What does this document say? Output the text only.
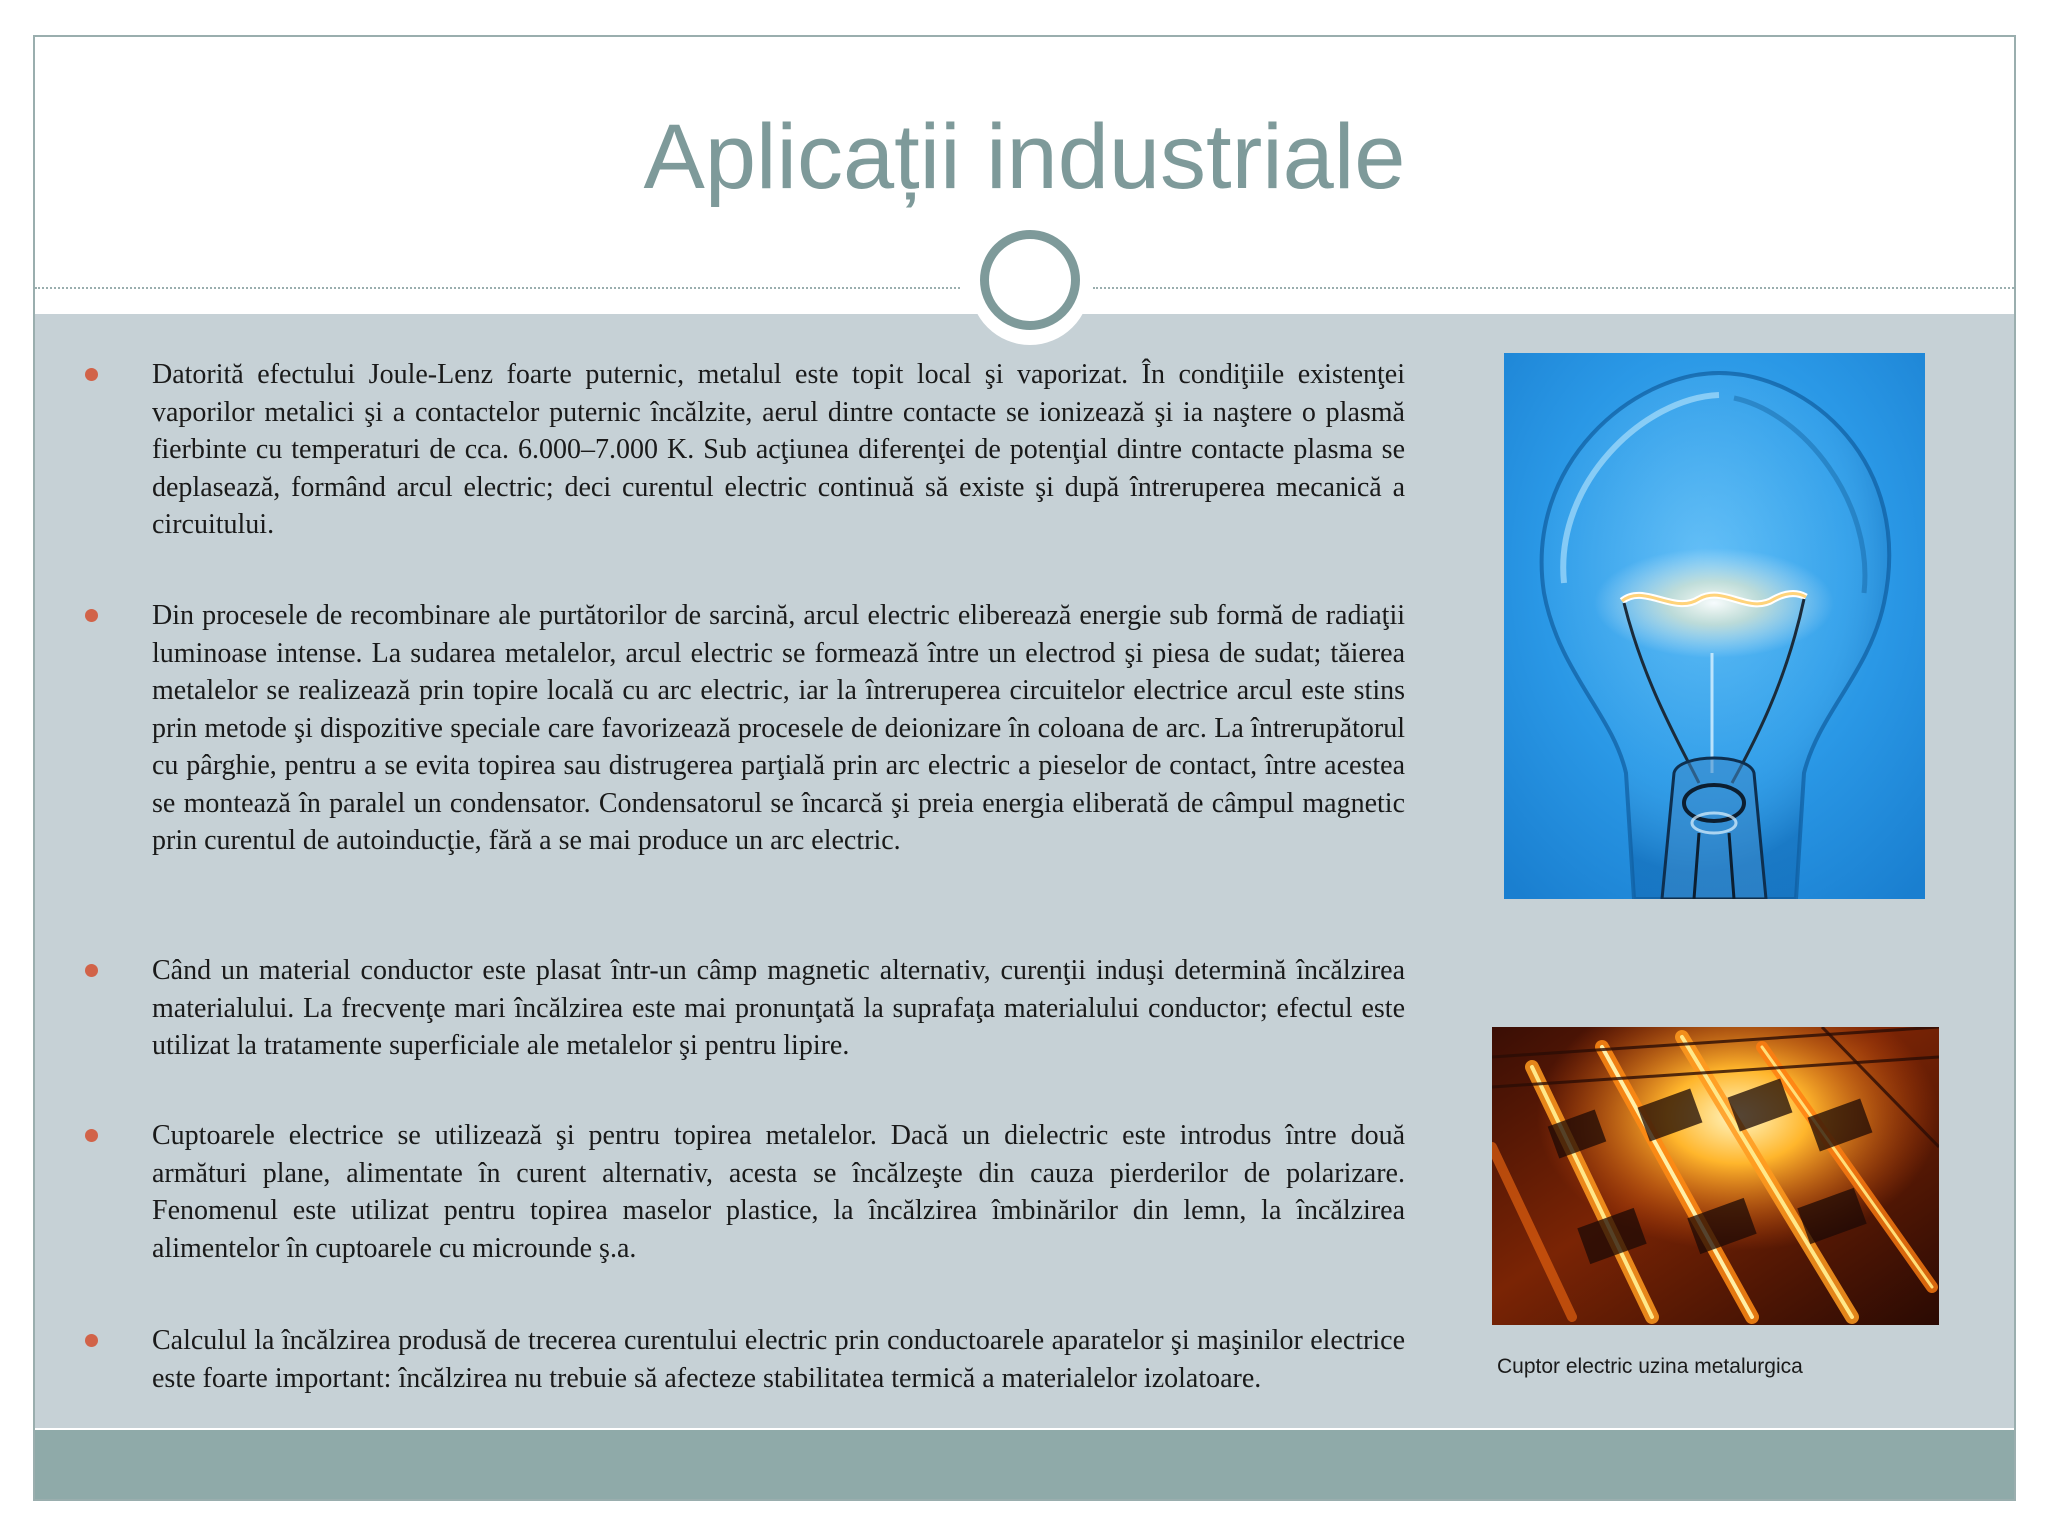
Aplicații industriale
Datorită efectului Joule-Lenz foarte puternic, metalul este topit local şi vaporizat. În condiţiile existenţei vaporilor metalici şi a contactelor puternic încălzite, aerul dintre contacte se ionizează şi ia naştere o plasmă fierbinte cu temperaturi de cca. 6.000–7.000 K. Sub acţiunea diferenţei de potenţial dintre contacte plasma se deplasează, formând arcul electric; deci curentul electric continuă să existe şi după întreruperea mecanică a circuitului.
Din procesele de recombinare ale purtătorilor de sarcină, arcul electric eliberează energie sub formă de radiaţii luminoase intense. La sudarea metalelor, arcul electric se formează între un electrod şi piesa de sudat; tăierea metalelor se realizează prin topire locală cu arc electric, iar la întreruperea circuitelor electrice arcul este stins prin metode şi dispozitive speciale care favorizează procesele de deionizare în coloana de arc. La întrerupătorul cu pârghie, pentru a se evita topirea sau distrugerea parţială prin arc electric a pieselor de contact, între acestea se montează în paralel un condensator. Condensatorul se încarcă şi preia energia eliberată de câmpul magnetic prin curentul de autoinducţie, fără a se mai produce un arc electric.
Când un material conductor este plasat într-un câmp magnetic alternativ, curenţii induşi determină încălzirea materialului. La frecvenţe mari încălzirea este mai pronunţată la suprafaţa materialului conductor; efectul este utilizat la tratamente superficiale ale metalelor şi pentru lipire.
Cuptoarele electrice se utilizează şi pentru topirea metalelor. Dacă un dielectric este introdus între două armături plane, alimentate în curent alternativ, acesta se încălzeşte din cauza pierderilor de polarizare. Fenomenul este utilizat pentru topirea maselor plastice, la încălzirea îmbinărilor din lemn, la încălzirea alimentelor în cuptoarele cu microunde ş.a.
Calculul la încălzirea produsă de trecerea curentului electric prin conductoarele aparatelor şi maşinilor electrice este foarte important: încălzirea nu trebuie să afecteze stabilitatea termică a materialelor izolatoare.	Cuptor electric uzina metalurgica
